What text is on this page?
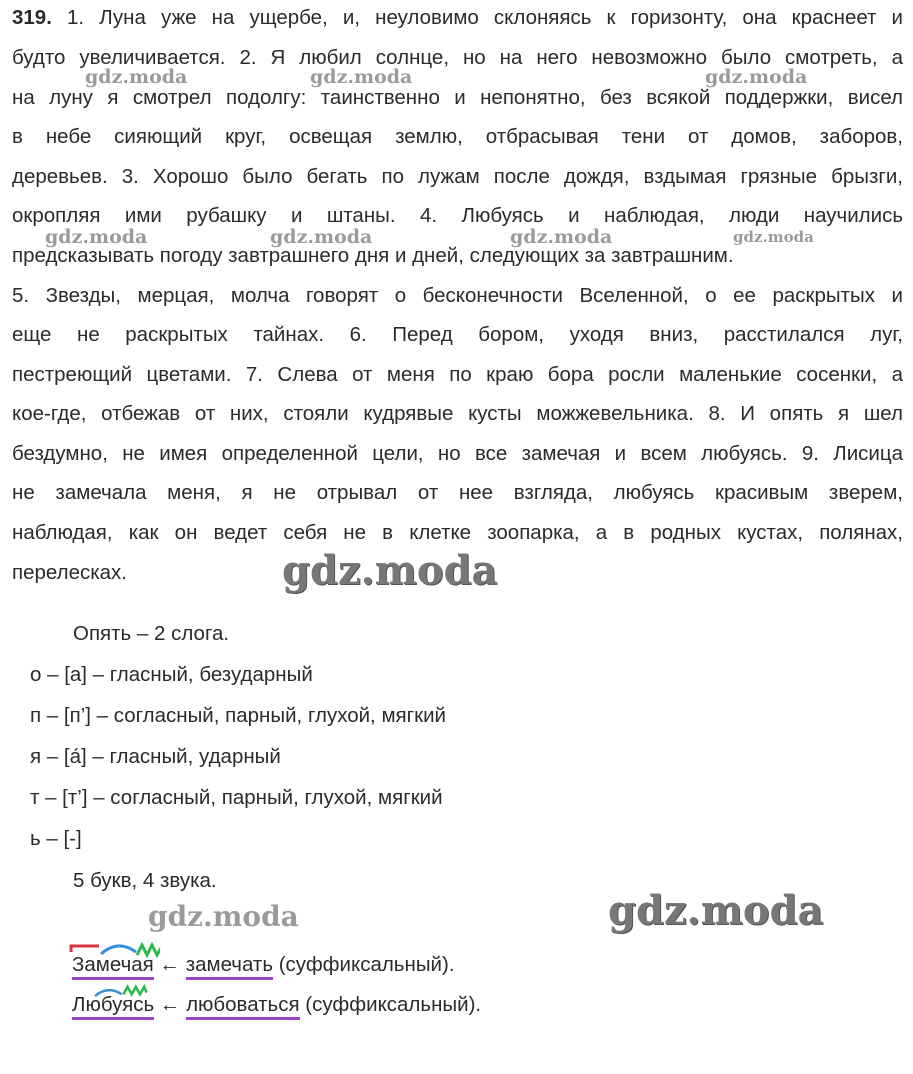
319. 1. Луна уже на ущербе, и, неуловимо склоняясь к горизонту, она краснеет и
будто увеличивается. 2. Я любил солнце, но на него невозможно было смотреть, а
на луну я смотрел подолгу: таинственно и непонятно, без всякой поддержки, висел
в небе сияющий круг, освещая землю, отбрасывая тени от домов, заборов,
деревьев. 3. Хорошо было бегать по лужам после дождя, вздымая грязные брызги,
окропляя ими рубашку и штаны. 4. Любуясь и наблюдая, люди научились
предсказывать погоду завтрашнего дня и дней, следующих за завтрашним.
5. Звезды, мерцая, молча говорят о бесконечности Вселенной, о ее раскрытых и
еще не раскрытых тайнах. 6. Перед бором, уходя вниз, расстилался луг,
пестреющий цветами. 7. Слева от меня по краю бора росли маленькие сосенки, а
кое-где, отбежав от них, стояли кудрявые кусты можжевельника. 8. И опять я шел
бездумно, не имея определенной цели, но все замечая и всем любуясь. 9. Лисица
не замечала меня, я не отрывал от нее взгляда, любуясь красивым зверем,
наблюдая, как он ведет себя не в клетке зоопарка, а в родных кустах, полянах,
перелесках.
Опять – 2 слога.
о – [а] – гласный, безударный
п – [п’] – согласный, парный, глухой, мягкий
я – [а́] – гласный, ударный
т – [т’] – согласный, парный, глухой, мягкий
ь – [-]
5 букв, 4 звука.
Замечая ← замечать (суффиксальный).
Любуясь ← любоваться (суффиксальный).
gdz.moda	gdz.moda	gdz.moda
gdz.moda	gdz.moda	gdz.moda	gdz.moda
gdz.moda
gdz.moda	gdz.moda
